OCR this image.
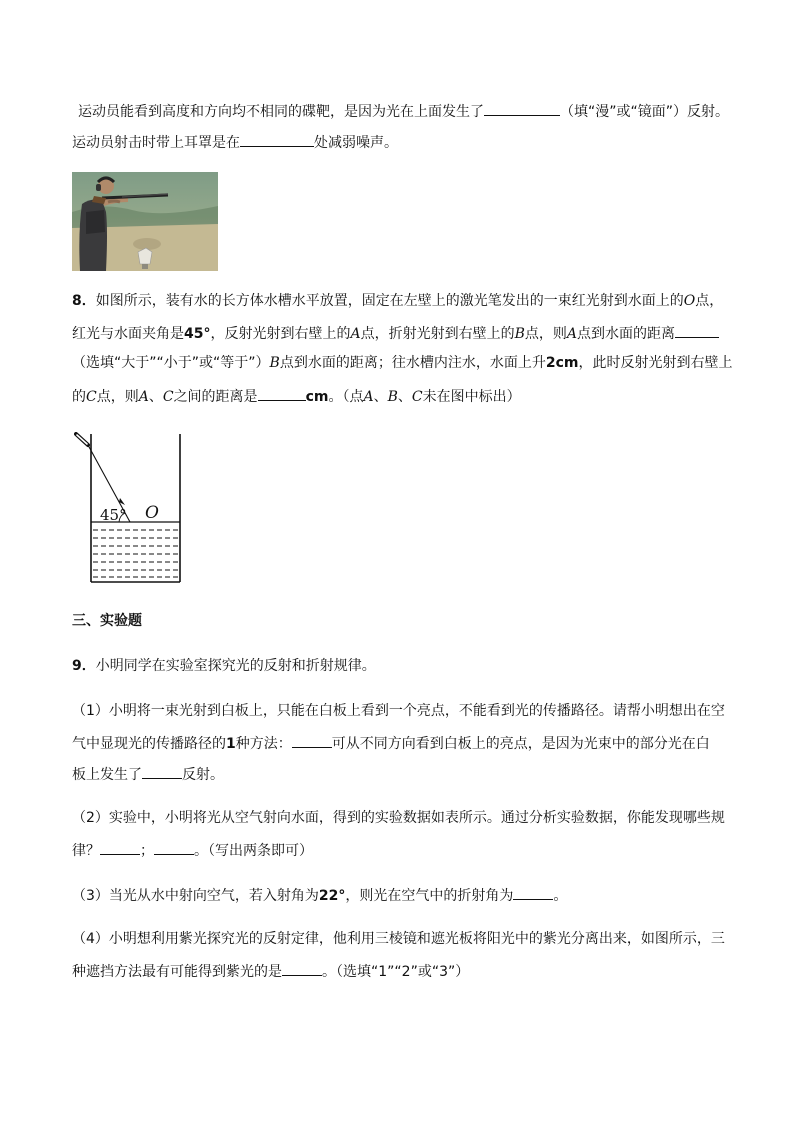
运动员能看到高度和方向均不相同的碟靶，是因为光在上面发生了	（填“漫”或“镜面”）反射。
运动员射击时带上耳罩是在	处减弱噪声。
8．如图所示，装有水的长方体水槽水平放置，固定在左壁上的激光笔发出的一束红光射到水面上的O点，
红光与水面夹角是45°，反射光射到右壁上的A点，折射光射到右壁上的B点，则A点到水面的距离
（选填“大于”“小于”或“等于”）B点到水面的距离；往水槽内注水，水面上升2cm，此时反射光射到右壁上
的C点，则A、C之间的距离是	cm。（点A、B、C未在图中标出）
45° O
三、实验题
9．小明同学在实验室探究光的反射和折射规律。
（1）小明将一束光射到白板上，只能在白板上看到一个亮点，不能看到光的传播路径。请帮小明想出在空
气中显现光的传播路径的1种方法：	可从不同方向看到白板上的亮点，是因为光束中的部分光在白
板上发生了	反射。
（2）实验中，小明将光从空气射向水面，得到的实验数据如表所示。通过分析实验数据，你能发现哪些规
律？	；	。（写出两条即可）
（3）当光从水中射向空气，若入射角为22°，则光在空气中的折射角为	。
（4）小明想利用紫光探究光的反射定律，他利用三棱镜和遮光板将阳光中的紫光分离出来，如图所示，三
种遮挡方法最有可能得到紫光的是	。（选填“1”“2”或“3”）
